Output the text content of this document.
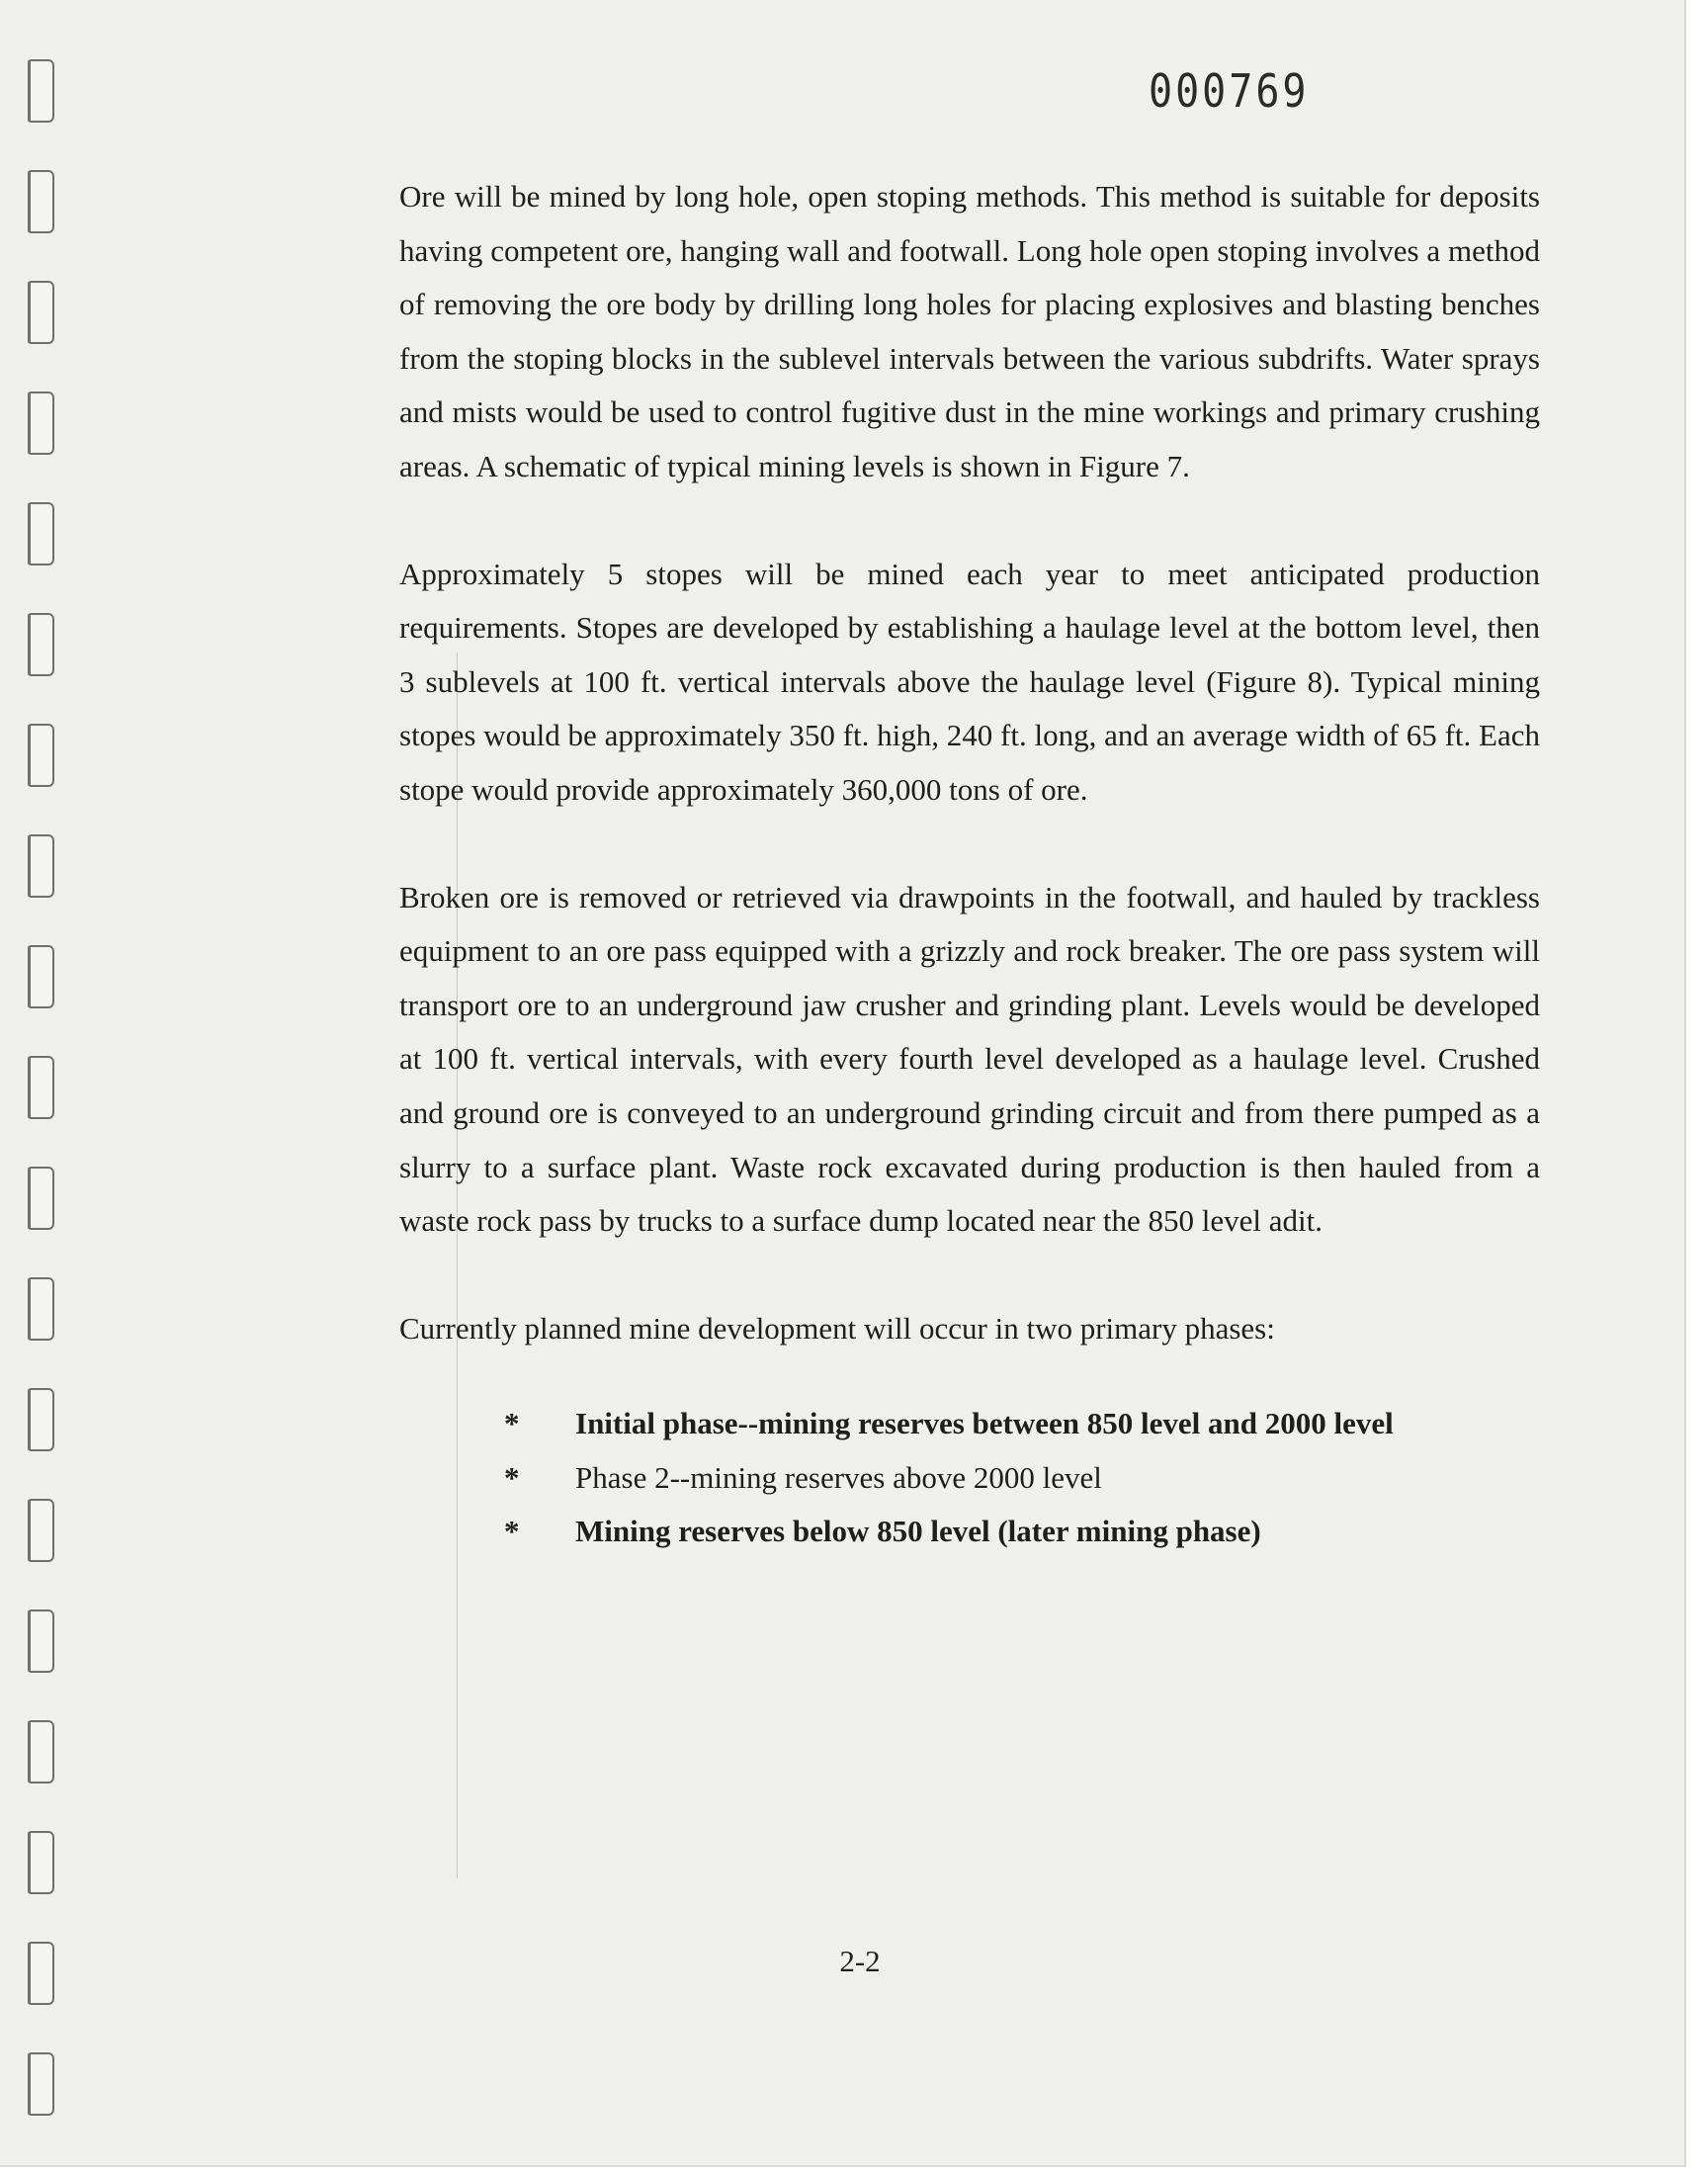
000769

Ore will be mined by long hole, open stoping methods. This method is suitable for deposits having competent ore, hanging wall and footwall. Long hole open stoping involves a method of removing the ore body by drilling long holes for placing explosives and blasting benches from the stoping blocks in the sublevel intervals between the various subdrifts. Water sprays and mists would be used to control fugitive dust in the mine workings and primary crushing areas. A schematic of typical mining levels is shown in Figure 7.

Approximately 5 stopes will be mined each year to meet anticipated production requirements. Stopes are developed by establishing a haulage level at the bottom level, then 3 sublevels at 100 ft. vertical intervals above the haulage level (Figure 8). Typical mining stopes would be approximately 350 ft. high, 240 ft. long, and an average width of 65 ft. Each stope would provide approximately 360,000 tons of ore.

Broken ore is removed or retrieved via drawpoints in the footwall, and hauled by trackless equipment to an ore pass equipped with a grizzly and rock breaker. The ore pass system will transport ore to an underground jaw crusher and grinding plant. Levels would be developed at 100 ft. vertical intervals, with every fourth level developed as a haulage level. Crushed and ground ore is conveyed to an underground grinding circuit and from there pumped as a slurry to a surface plant. Waste rock excavated during production is then hauled from a waste rock pass by trucks to a surface dump located near the 850 level adit.

Currently planned mine development will occur in two primary phases:

* Initial phase--mining reserves between 850 level and 2000 level
* Phase 2--mining reserves above 2000 level
* Mining reserves below 850 level (later mining phase)
2-2
